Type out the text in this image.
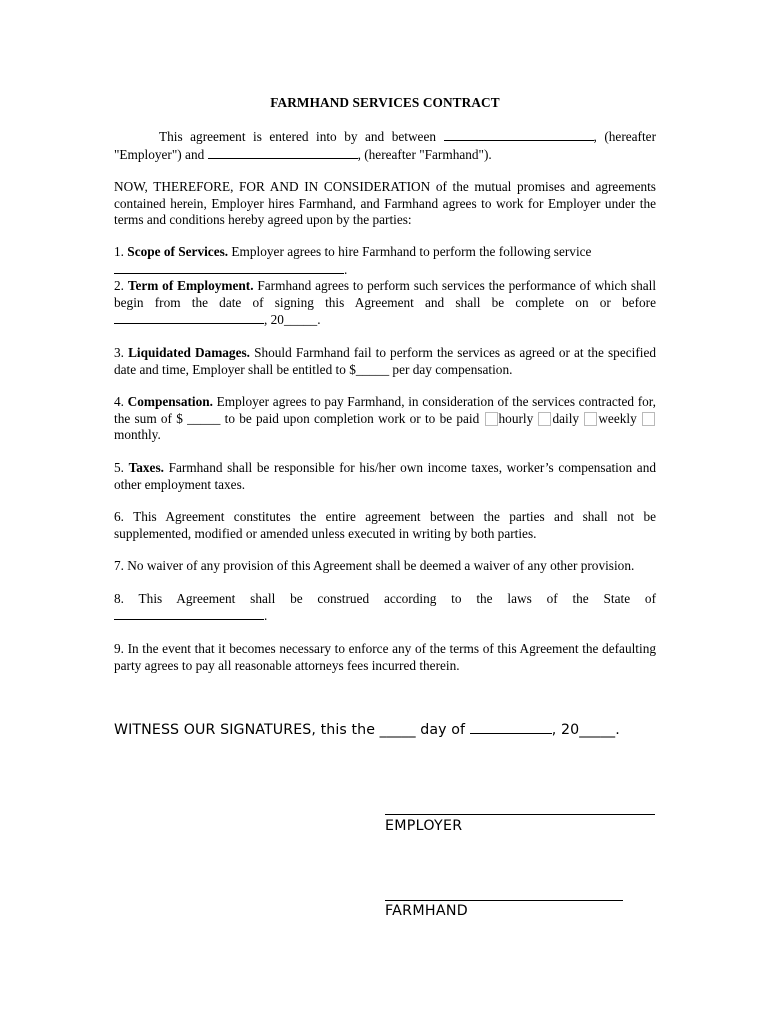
FARMHAND SERVICES CONTRACT
This agreement is entered into by and between	, (hereafter "Employer") and	, (hereafter "Farmhand").
NOW, THEREFORE, FOR AND IN CONSIDERATION of the mutual promises and agreements contained herein, Employer hires Farmhand, and Farmhand agrees to work for Employer under the terms and conditions hereby agreed upon by the parties:
1. Scope of Services. Employer agrees to hire Farmhand to perform the following service
.
2. Term of Employment. Farmhand agrees to perform such services the performance of which shall begin from the date of signing this Agreement and shall be complete on or before , 20_____.
3. Liquidated Damages. Should Farmhand fail to perform the services as agreed or at the specified date and time, Employer shall be entitled to $_____ per day compensation.
4. Compensation. Employer agrees to pay Farmhand, in consideration of the services contracted for, the sum of $ _____ to be paid upon completion work or to be paid hourly daily weekly monthly.
5. Taxes. Farmhand shall be responsible for his/her own income taxes, worker’s compensation and other employment taxes.
6. This Agreement constitutes the entire agreement between the parties and shall not be supplemented, modified or amended unless executed in writing by both parties.
7. No waiver of any provision of this Agreement shall be deemed a waiver of any other provision.
8. This Agreement shall be construed according to the laws of the State of
.
9. In the event that it becomes necessary to enforce any of the terms of this Agreement the defaulting party agrees to pay all reasonable attorneys fees incurred therein.
WITNESS OUR SIGNATURES, this the _____ day of	, 20_____.
EMPLOYER
FARMHAND
